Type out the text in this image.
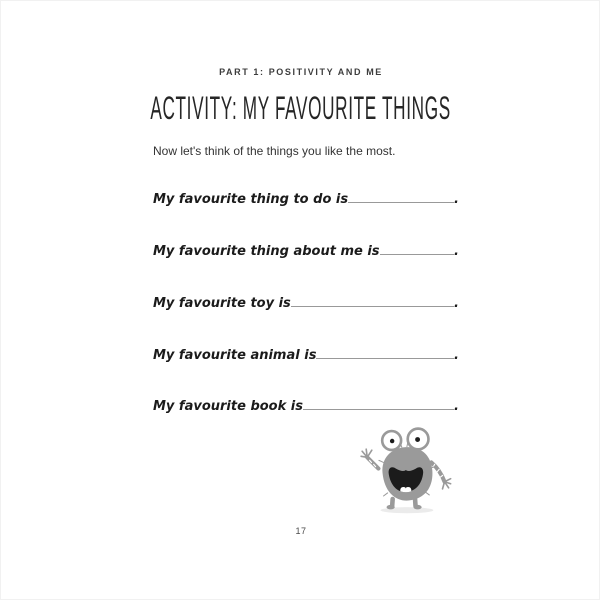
PART 1: POSITIVITY AND ME
ACTIVITY: MY FAVOURITE THINGS
Now let's think of the things you like the most.
My favourite thing to do is	.
My favourite thing about me is	.
My favourite toy is	.
My favourite animal is	.
My favourite book is	.
17
